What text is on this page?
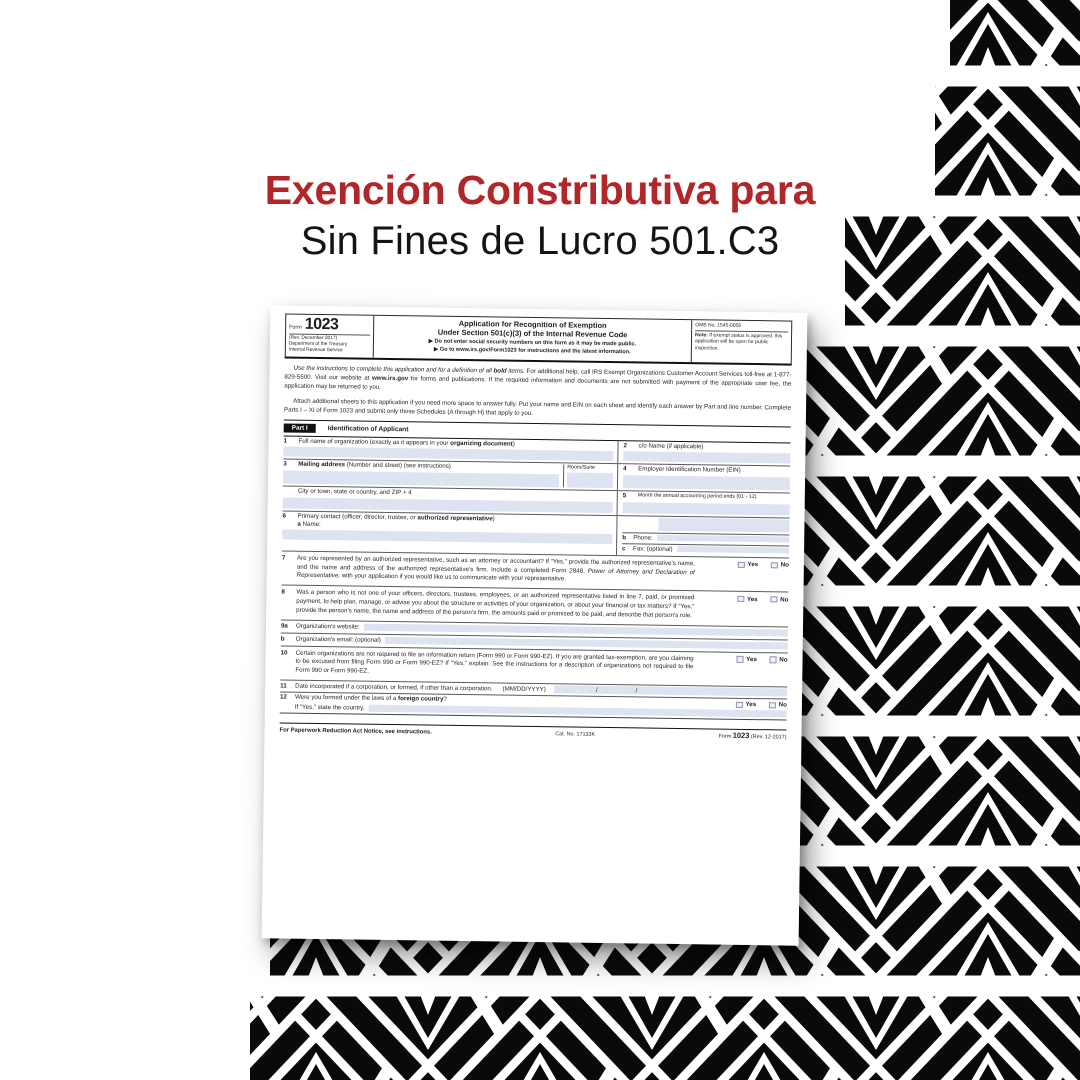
Exención Constributiva para
Sin Fines de Lucro 501.C3
Form 1023
(Rev. December 2017)
Department of the Treasury
Internal Revenue Service
Application for Recognition of Exemption
Under Section 501(c)(3) of the Internal Revenue Code
▶ Do not enter social security numbers on this form as it may be made public.
▶ Go to www.irs.gov/Form1023 for instructions and the latest information.
OMB No. 1545-0056
Note: If exempt status is approved, this application will be open for public inspection.

Use the instructions to complete this application and for a definition of all bold items. For additional help, call IRS Exempt Organizations Customer Account Services toll-free at 1-877-829-5500. Visit our website at www.irs.gov for forms and publications. If the required information and documents are not submitted with payment of the appropriate user fee, the application may be returned to you.

Attach additional sheets to this application if you need more space to answer fully. Put your name and EIN on each sheet and identify each answer by Part and line number. Complete Parts I – XI of Form 1023 and submit only those Schedules (A through H) that apply to you.

Part I	Identification of Applicant
1	Full name of organization (exactly as it appears in your organizing document)	2	c/o Name (if applicable)
3	Mailing address (Number and street) (see instructions)	Room/Suite	4	Employer Identification Number (EIN)
City or town, state or country, and ZIP + 4	5	Month the annual accounting period ends (01 - 12)
6	Primary contact (officer, director, trustee, or authorized representative)
a Name:
b	Phone:
c	Fax: (optional)
7	Are you represented by an authorized representative, such as an attorney or accountant? If “Yes,” provide the authorized representative’s name, and the name and address of the authorized representative’s firm. Include a completed Form 2848, Power of Attorney and Declaration of Representative, with your application if you would like us to communicate with your representative.
Yes	No
8	Was a person who is not one of your officers, directors, trustees, employees, or an authorized representative listed in line 7, paid, or promised payment, to help plan, manage, or advise you about the structure or activities of your organization, or about your financial or tax matters? If “Yes,” provide the person’s name, the name and address of the person’s firm, the amounts paid or promised to be paid, and describe that person’s role.
Yes	No
9a	Organization's website:
b	Organization's email: (optional)
10	Certain organizations are not required to file an information return (Form 990 or Form 990-EZ). If you are granted tax-exemption, are you claiming to be excused from filing Form 990 or Form 990-EZ? If “Yes,” explain. See the instructions for a description of organizations not required to file Form 990 or Form 990-EZ.
Yes	No
11	Date incorporated if a corporation, or formed, if other than a corporation. (MM/DD/YYYY)	/	/
12	Were you formed under the laws of a foreign country?
Yes	No
If “Yes,” state the country.
For Paperwork Reduction Act Notice, see instructions.	Cat. No. 17133K	Form 1023 (Rev. 12-2017)
